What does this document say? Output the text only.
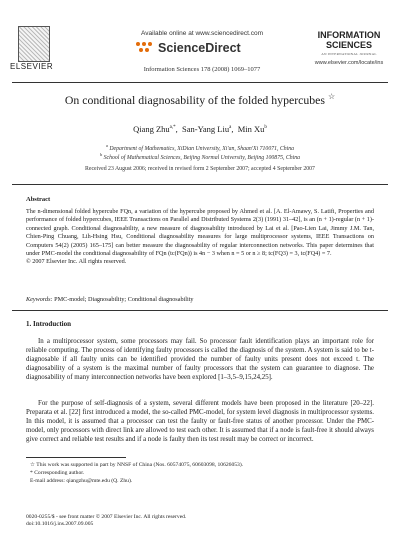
ELSEVIER
Available online at www.sciencedirect.com
ScienceDirect
Information Sciences 178 (2008) 1069–1077
INFORMATION
SCIENCES
AN INTERNATIONAL JOURNAL
www.elsevier.com/locate/ins
On conditional diagnosability of the folded hypercubes ☆
Qiang Zhu$^{a,*}$,  San-Yang Liu$^a$,  Min Xu$^b$
$^a$ Department of Mathematics, XiDian University, Xi'an, Shaan'Xi 710071, China
$^b$ School of Mathematical Sciences, Beijing Normal University, Beijing 100875, China
Received 23 August 2006; received in revised form 2 September 2007; accepted 4 September 2007
Abstract
The n-dimensional folded hypercube FQn, a variation of the hypercube proposed by Ahmed et al. [A. El-Amawy, S. Latifi, Properties and performance of folded hypercubes, IEEE Transactions on Parallel and Distributed Systems 2(3) (1991) 31–42], is an (n + 1)-regular (n + 1)-connected graph. Conditional diagnosability, a new measure of diagnosability introduced by Lai et al. [Pao-Lien Lai, Jimmy J.M. Tan, Chien-Ping Chuang, Lih-Hsing Hsu, Conditional diagnosability measures for large multiprocessor systems, IEEE Transactions on Computers 54(2) (2005) 165–175] can better measure the diagnosability of regular interconnection networks. This paper determines that under PMC-model the conditional diagnosability of FQn (tc(FQn)) is 4n − 3 when n = 5 or n ≥ 8; tc(FQ3) = 3, tc(FQ4) = 7.
© 2007 Elsevier Inc. All rights reserved.
Keywords: PMC-model; Diagnosability; Conditional diagnosability
1. Introduction
In a multiprocessor system, some processors may fail. So processor fault identification plays an important role for reliable computing. The process of identifying faulty processors is called the diagnosis of the system. A system is said to be t-diagnosable if all faulty units can be identified provided the number of faulty units present does not exceed t. The diagnosability of a system is the maximal number of faulty processors that the system can guarantee to diagnose. The diagnosability of many interconnection networks have been explored [1–3,5–9,15,24,25].
For the purpose of self-diagnosis of a system, several different models have been proposed in the literature [20–22]. Preparata et al. [22] first introduced a model, the so-called PMC-model, for system level diagnosis in multiprocessor systems. In this model, it is assumed that a processor can test the faulty or fault-free status of another processor. Under the PMC-model, only processors with direct link are allowed to test each other. It is assumed that if a node is fault-free it should always give correct and reliable test results and if a node is faulty then its test result may be correct or incorrect.
☆ This work was supported in part by NNSF of China (Nos. 60574075, 60603098, 10626053).
* Corresponding author.
E-mail address: qiangzhu@mte.edu (Q. Zhu).
0020-0255/$ - see front matter © 2007 Elsevier Inc. All rights reserved.
doi:10.1016/j.ins.2007.09.005
